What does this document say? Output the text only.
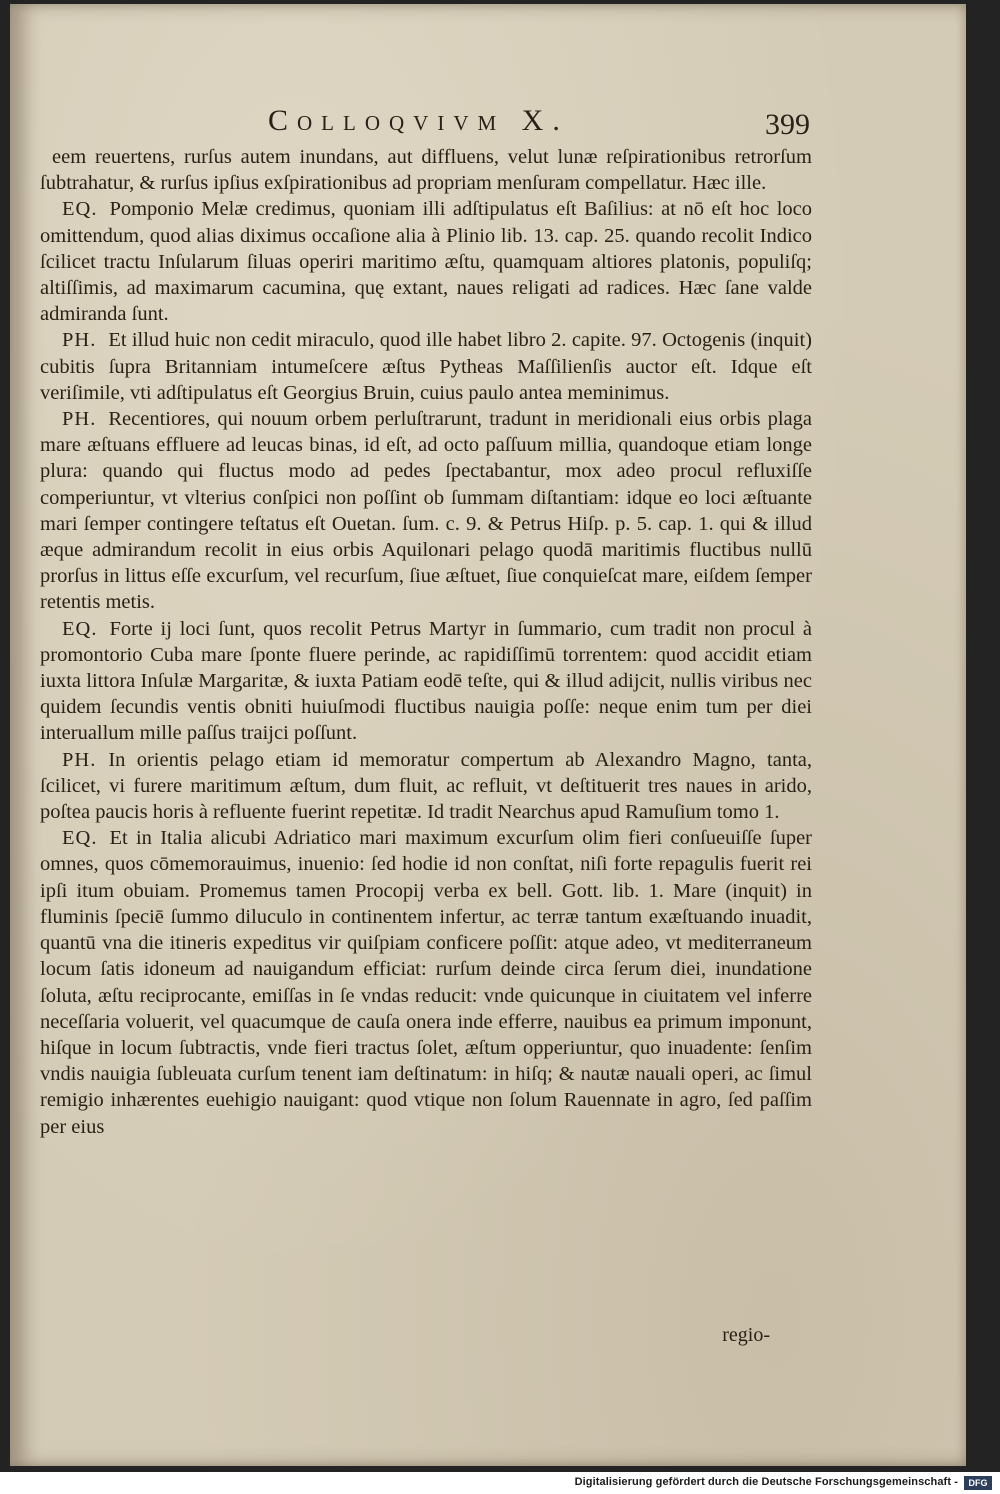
Colloqvivm X.	399

eem reuertens, rurſus autem inundans, aut diffluens, velut lunæ reſpirationibus retrorſum ſubtrahatur, & rurſus ipſius exſpirationibus ad propriam menſuram compellatur. Hæc ille.

EQ. Pomponio Melæ credimus, quoniam illi adſtipulatus eſt Baſilius: at nō eſt hoc loco omittendum, quod alias diximus occaſione alia à Plinio lib. 13. cap. 25. quando recolit Indico ſcilicet tractu Inſularum ſiluas operiri maritimo æſtu, quamquam altiores platonis, populiſq; altiſſimis, ad maximarum cacumina, quę extant, naues religati ad radices. Hæc ſane valde admiranda ſunt.

PH. Et illud huic non cedit miraculo, quod ille habet libro 2. capite. 97. Octogenis (inquit) cubitis ſupra Britanniam intumeſcere æſtus Pytheas Maſſilienſis auctor eſt. Idque eſt veriſimile, vti adſtipulatus eſt Georgius Bruin, cuius paulo antea meminimus.

PH. Recentiores, qui nouum orbem perluſtrarunt, tradunt in meridionali eius orbis plaga mare æſtuans effluere ad leucas binas, id eſt, ad octo paſſuum millia, quandoque etiam longe plura: quando qui fluctus modo ad pedes ſpectabantur, mox adeo procul refluxiſſe comperiuntur, vt vlterius conſpici non poſſint ob ſummam diſtantiam: idque eo loci æſtuante mari ſemper contingere teſtatus eſt Ouetan. ſum. c. 9. & Petrus Hiſp. p. 5. cap. 1. qui & illud æque admirandum recolit in eius orbis Aquilonari pelago quodā maritimis fluctibus nullū prorſus in littus eſſe excurſum, vel recurſum, ſiue æſtuet, ſiue conquieſcat mare, eiſdem ſemper retentis metis.

EQ. Forte ij loci ſunt, quos recolit Petrus Martyr in ſummario, cum tradit non procul à promontorio Cuba mare ſponte fluere perinde, ac rapidiſſimū torrentem: quod accidit etiam iuxta littora Inſulæ Margaritæ, & iuxta Patiam eodē teſte, qui & illud adijcit, nullis viribus nec quidem ſecundis ventis obniti huiuſmodi fluctibus nauigia poſſe: neque enim tum per diei interuallum mille paſſus traijci poſſunt.

PH. In orientis pelago etiam id memoratur compertum ab Alexandro Magno, tanta, ſcilicet, vi furere maritimum æſtum, dum fluit, ac refluit, vt deſtituerit tres naues in arido, poſtea paucis horis à refluente fuerint repetitæ. Id tradit Nearchus apud Ramuſium tomo 1.

EQ. Et in Italia alicubi Adriatico mari maximum excurſum olim fieri conſueuiſſe ſuper omnes, quos cōmemorauimus, inuenio: ſed hodie id non conſtat, niſi forte repagulis fuerit rei ipſi itum obuiam. Promemus tamen Procopij verba ex bell. Gott. lib. 1. Mare (inquit) in fluminis ſpeciē ſummo diluculo in continentem infertur, ac terræ tantum exæſtuando inuadit, quantū vna die itineris expeditus vir quiſpiam conficere poſſit: atque adeo, vt mediterraneum locum ſatis idoneum ad nauigandum efficiat: rurſum deinde circa ſerum diei, inundatione ſoluta, æſtu reciprocante, emiſſas in ſe vndas reducit: vnde quicunque in ciuitatem vel inferre neceſſaria voluerit, vel quacumque de cauſa onera inde efferre, nauibus ea primum imponunt, hiſque in locum ſubtractis, vnde fieri tractus ſolet, æſtum opperiuntur, quo inuadente: ſenſim vndis nauigia ſubleuata curſum tenent iam deſtinatum: in hiſq; & nautæ nauali operi, ac ſimul remigio inhærentes euehigio nauigant: quod vtique non ſolum Rauennate in agro, ſed paſſim per eius

regio-
Digitalisierung gefördert durch die Deutsche Forschungsgemeinschaft -	DFG
